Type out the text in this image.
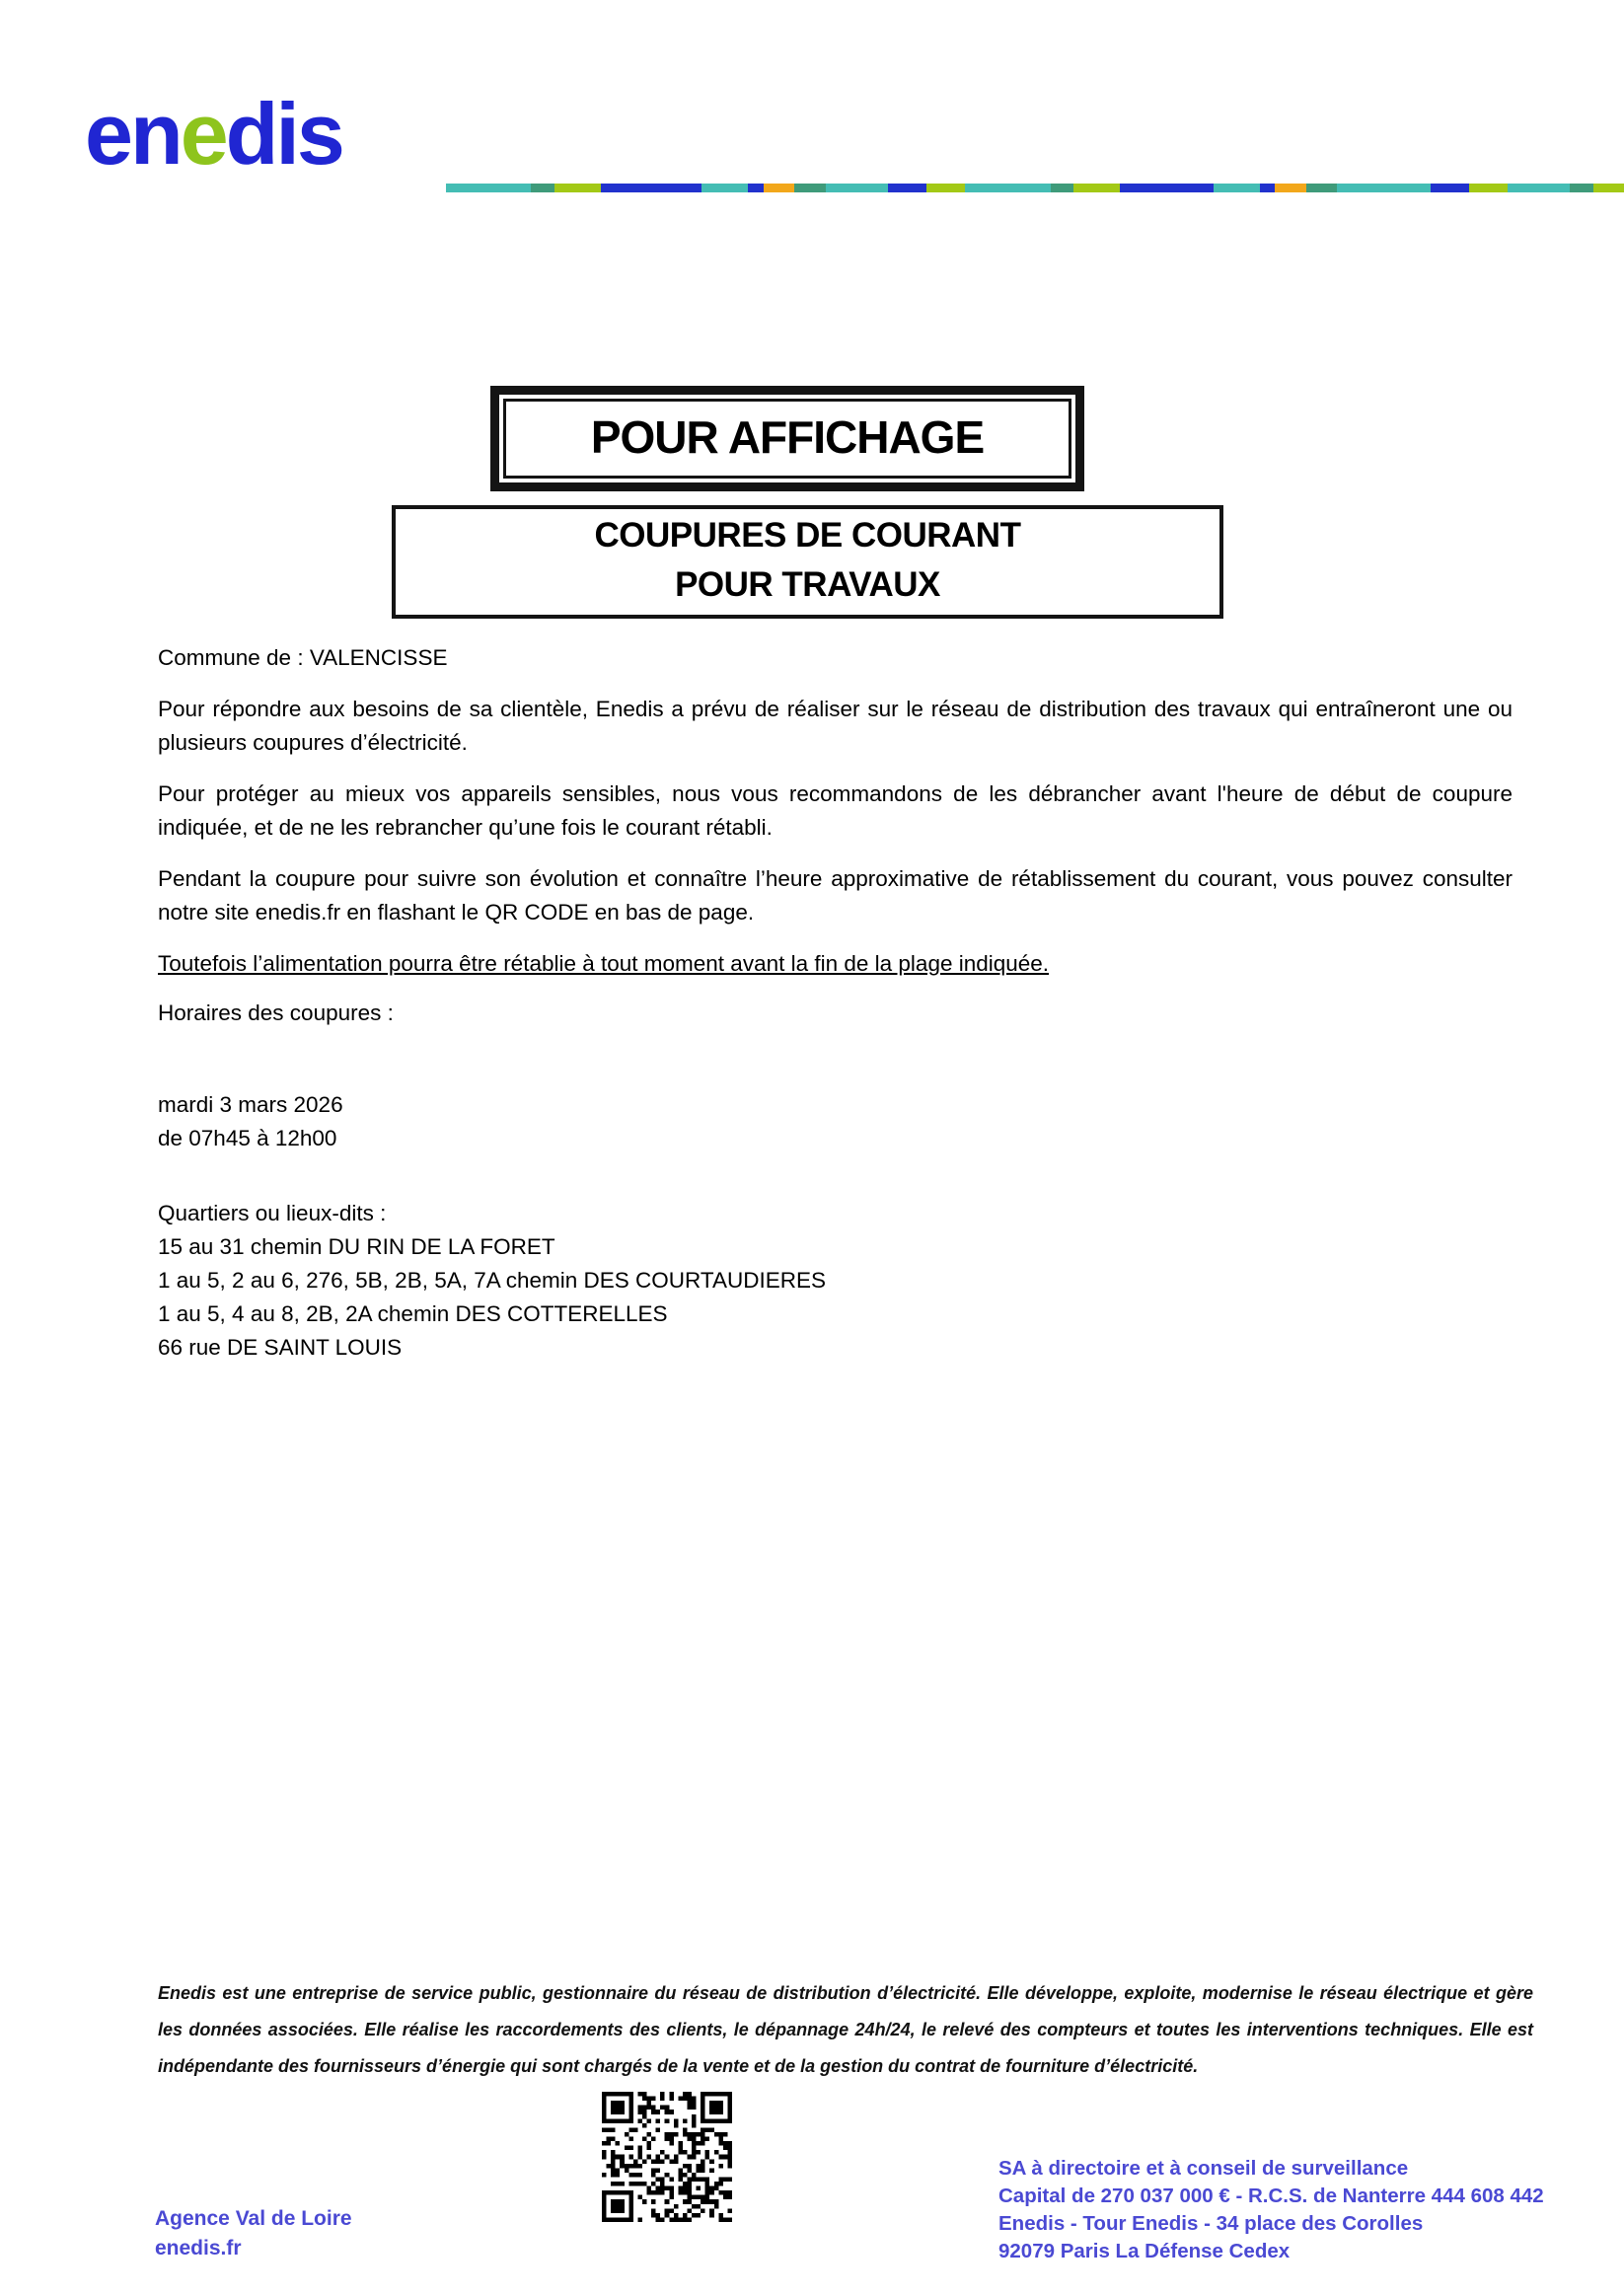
enedis
POUR AFFICHAGE
COUPURES DE COURANT
POUR TRAVAUX
Commune de : VALENCISSE
Pour répondre aux besoins de sa clientèle, Enedis a prévu de réaliser sur le réseau de distribution des travaux qui entraîneront une ou plusieurs coupures d’électricité.
Pour protéger au mieux vos appareils sensibles, nous vous recommandons de les débrancher avant l'heure de début de coupure indiquée, et de ne les rebrancher qu’une fois le courant rétabli.
Pendant la coupure pour suivre son évolution et connaître l’heure approximative de rétablissement du courant, vous pouvez consulter notre site enedis.fr en flashant le QR CODE en bas de page.
Toutefois l’alimentation pourra être rétablie à tout moment avant la fin de la plage indiquée.
Horaires des coupures :
mardi 3 mars 2026
de 07h45 à 12h00
Quartiers ou lieux-dits :
15 au 31 chemin DU RIN DE LA FORET
1 au 5, 2 au 6, 276, 5B, 2B, 5A, 7A chemin DES COURTAUDIERES
1 au 5, 4 au 8, 2B, 2A chemin DES COTTERELLES
66 rue DE SAINT LOUIS
Enedis est une entreprise de service public, gestionnaire du réseau de distribution d’électricité. Elle développe, exploite, modernise le réseau électrique et gère les données associées. Elle réalise les raccordements des clients, le dépannage 24h/24, le relevé des compteurs et toutes les interventions techniques. Elle est indépendante des fournisseurs d’énergie qui sont chargés de la vente et de la gestion du contrat de fourniture d’électricité.
Agence Val de Loire
enedis.fr
SA à directoire et à conseil de surveillance
Capital de 270 037 000 € - R.C.S. de Nanterre 444 608 442
Enedis - Tour Enedis - 34 place des Corolles
92079 Paris La Défense Cedex
